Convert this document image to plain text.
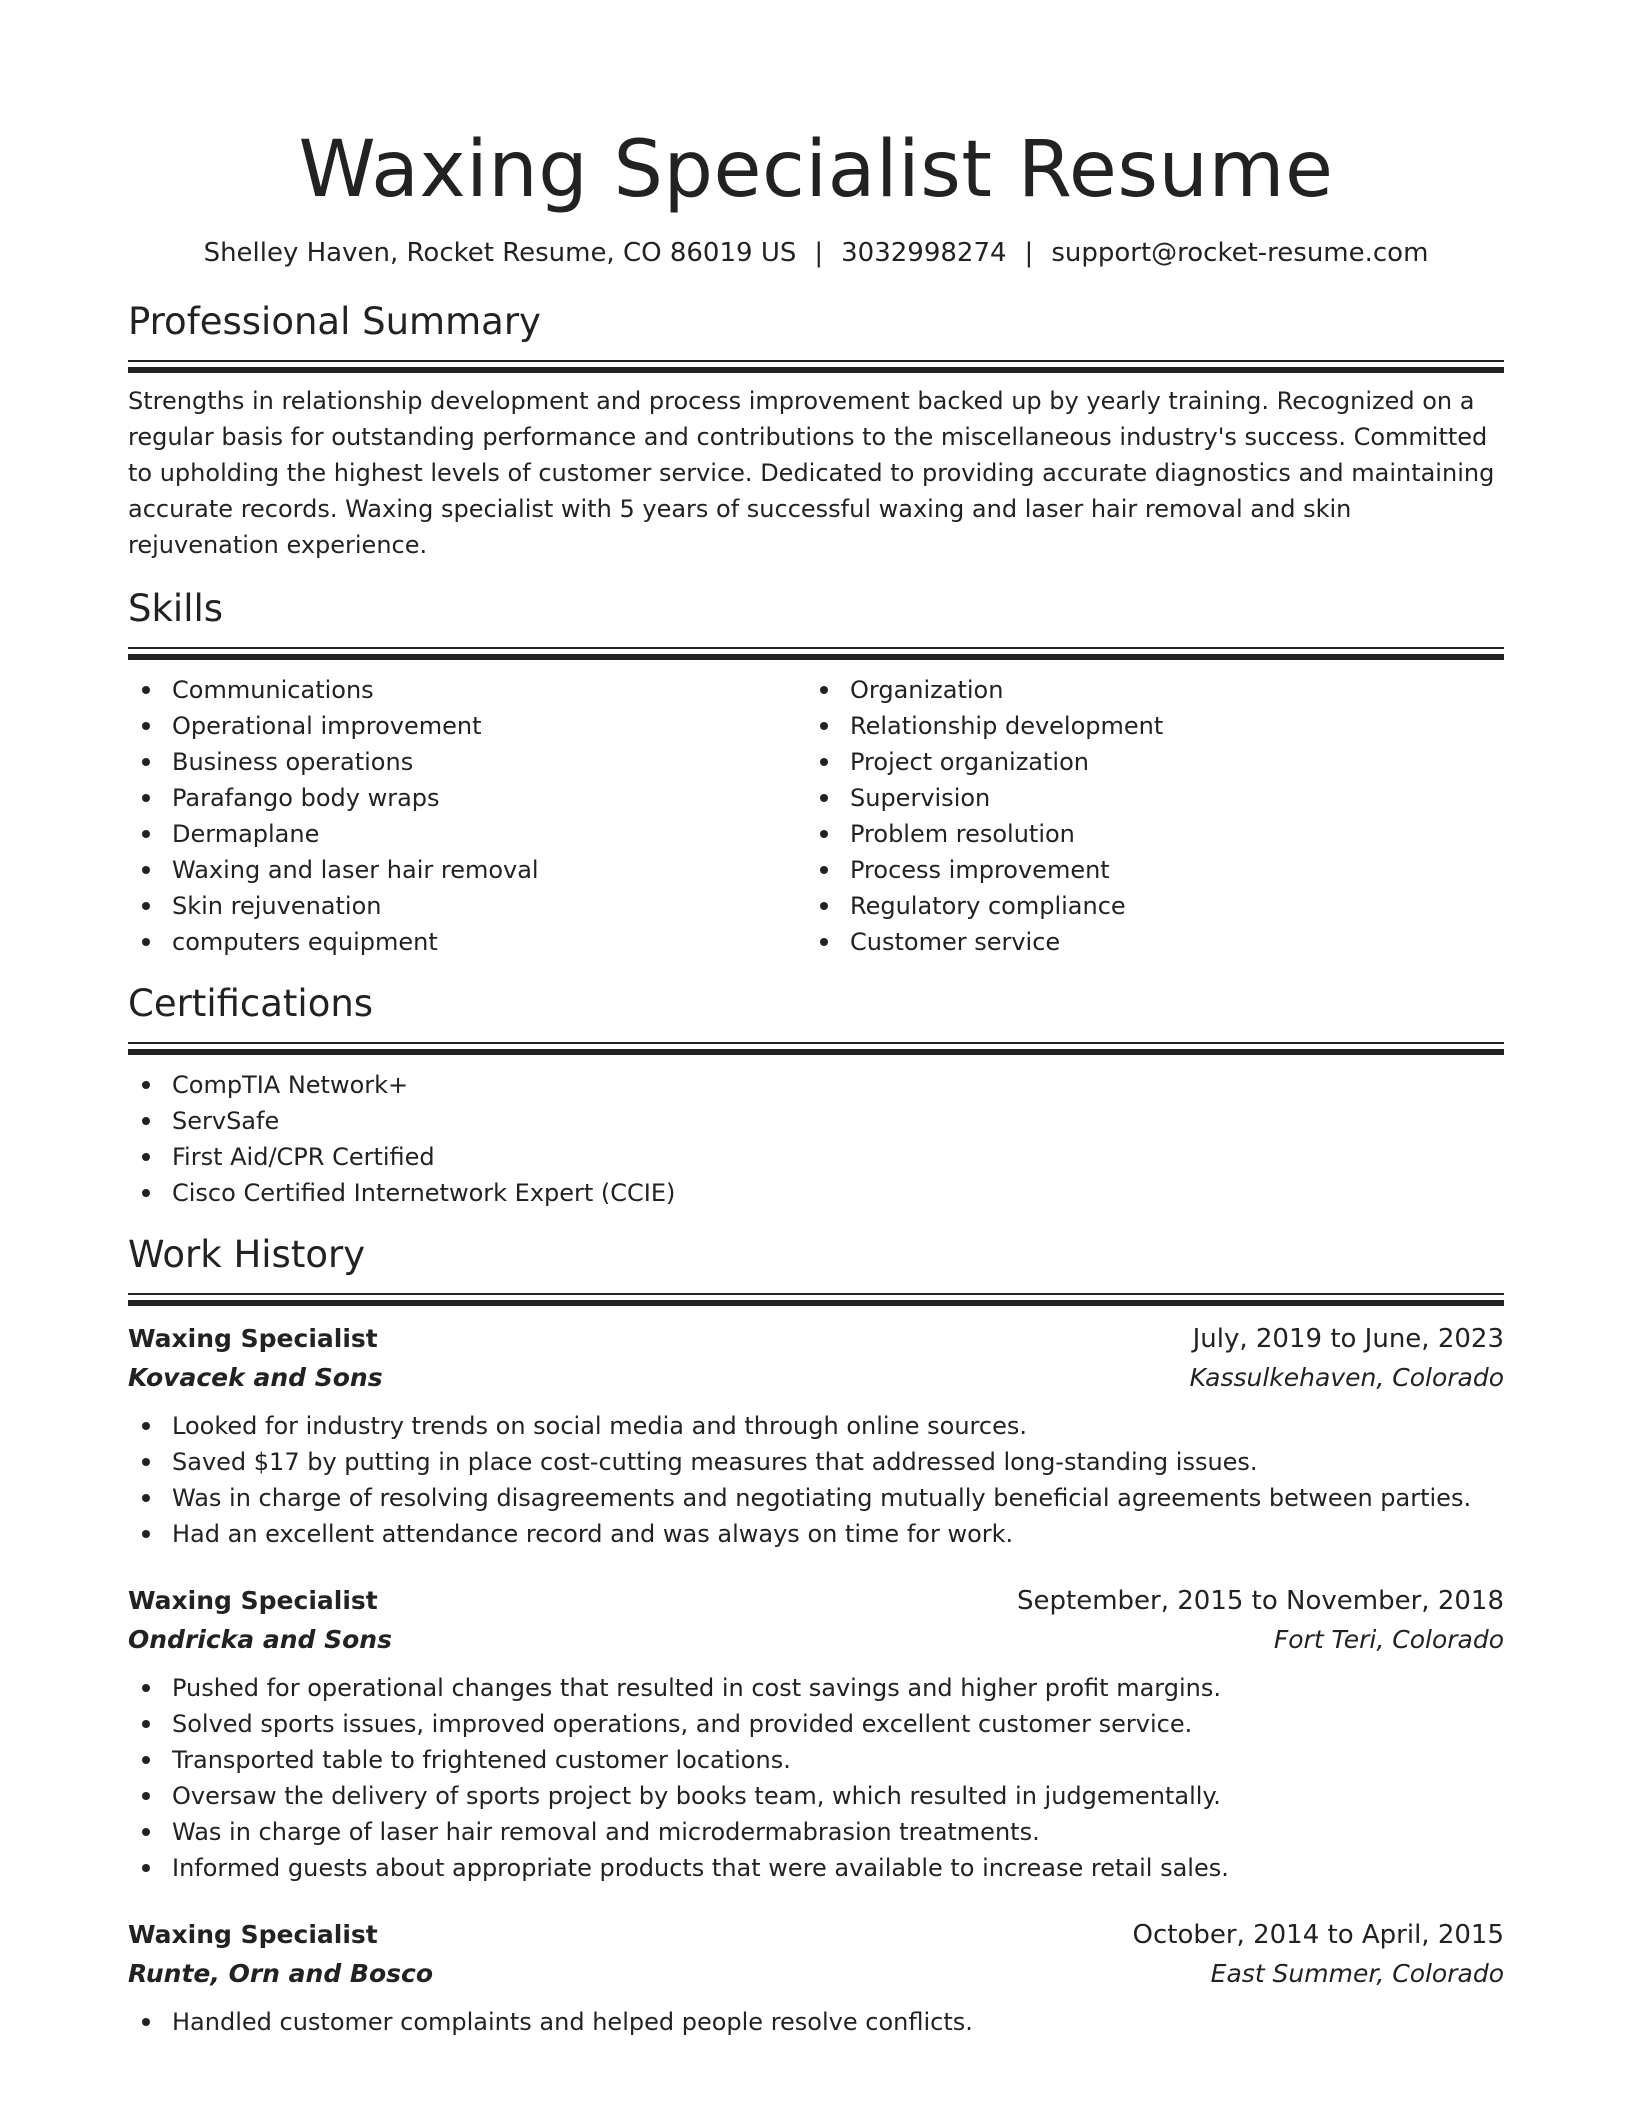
Waxing Specialist Resume
Shelley Haven, Rocket Resume, CO 86019 US | 3032998274 | support@rocket-resume.com
Professional Summary
Strengths in relationship development and process improvement backed up by yearly training. Recognized on a regular basis for outstanding performance and contributions to the miscellaneous industry's success. Committed to upholding the highest levels of customer service. Dedicated to providing accurate diagnostics and maintaining accurate records. Waxing specialist with 5 years of successful waxing and laser hair removal and skin rejuvenation experience.
Skills
Communications
Operational improvement
Business operations
Parafango body wraps
Dermaplane
Waxing and laser hair removal
Skin rejuvenation
computers equipment
Organization
Relationship development
Project organization
Supervision
Problem resolution
Process improvement
Regulatory compliance
Customer service
Certifications
CompTIA Network+
ServSafe
First Aid/CPR Certified
Cisco Certified Internetwork Expert (CCIE)
Work History
Waxing Specialist	July, 2019 to June, 2023
Kovacek and Sons	Kassulkehaven, Colorado
Looked for industry trends on social media and through online sources.
Saved $17 by putting in place cost-cutting measures that addressed long-standing issues.
Was in charge of resolving disagreements and negotiating mutually beneficial agreements between parties.
Had an excellent attendance record and was always on time for work.
Waxing Specialist	September, 2015 to November, 2018
Ondricka and Sons	Fort Teri, Colorado
Pushed for operational changes that resulted in cost savings and higher profit margins.
Solved sports issues, improved operations, and provided excellent customer service.
Transported table to frightened customer locations.
Oversaw the delivery of sports project by books team, which resulted in judgementally.
Was in charge of laser hair removal and microdermabrasion treatments.
Informed guests about appropriate products that were available to increase retail sales.
Waxing Specialist	October, 2014 to April, 2015
Runte, Orn and Bosco	East Summer, Colorado
Handled customer complaints and helped people resolve conflicts.
